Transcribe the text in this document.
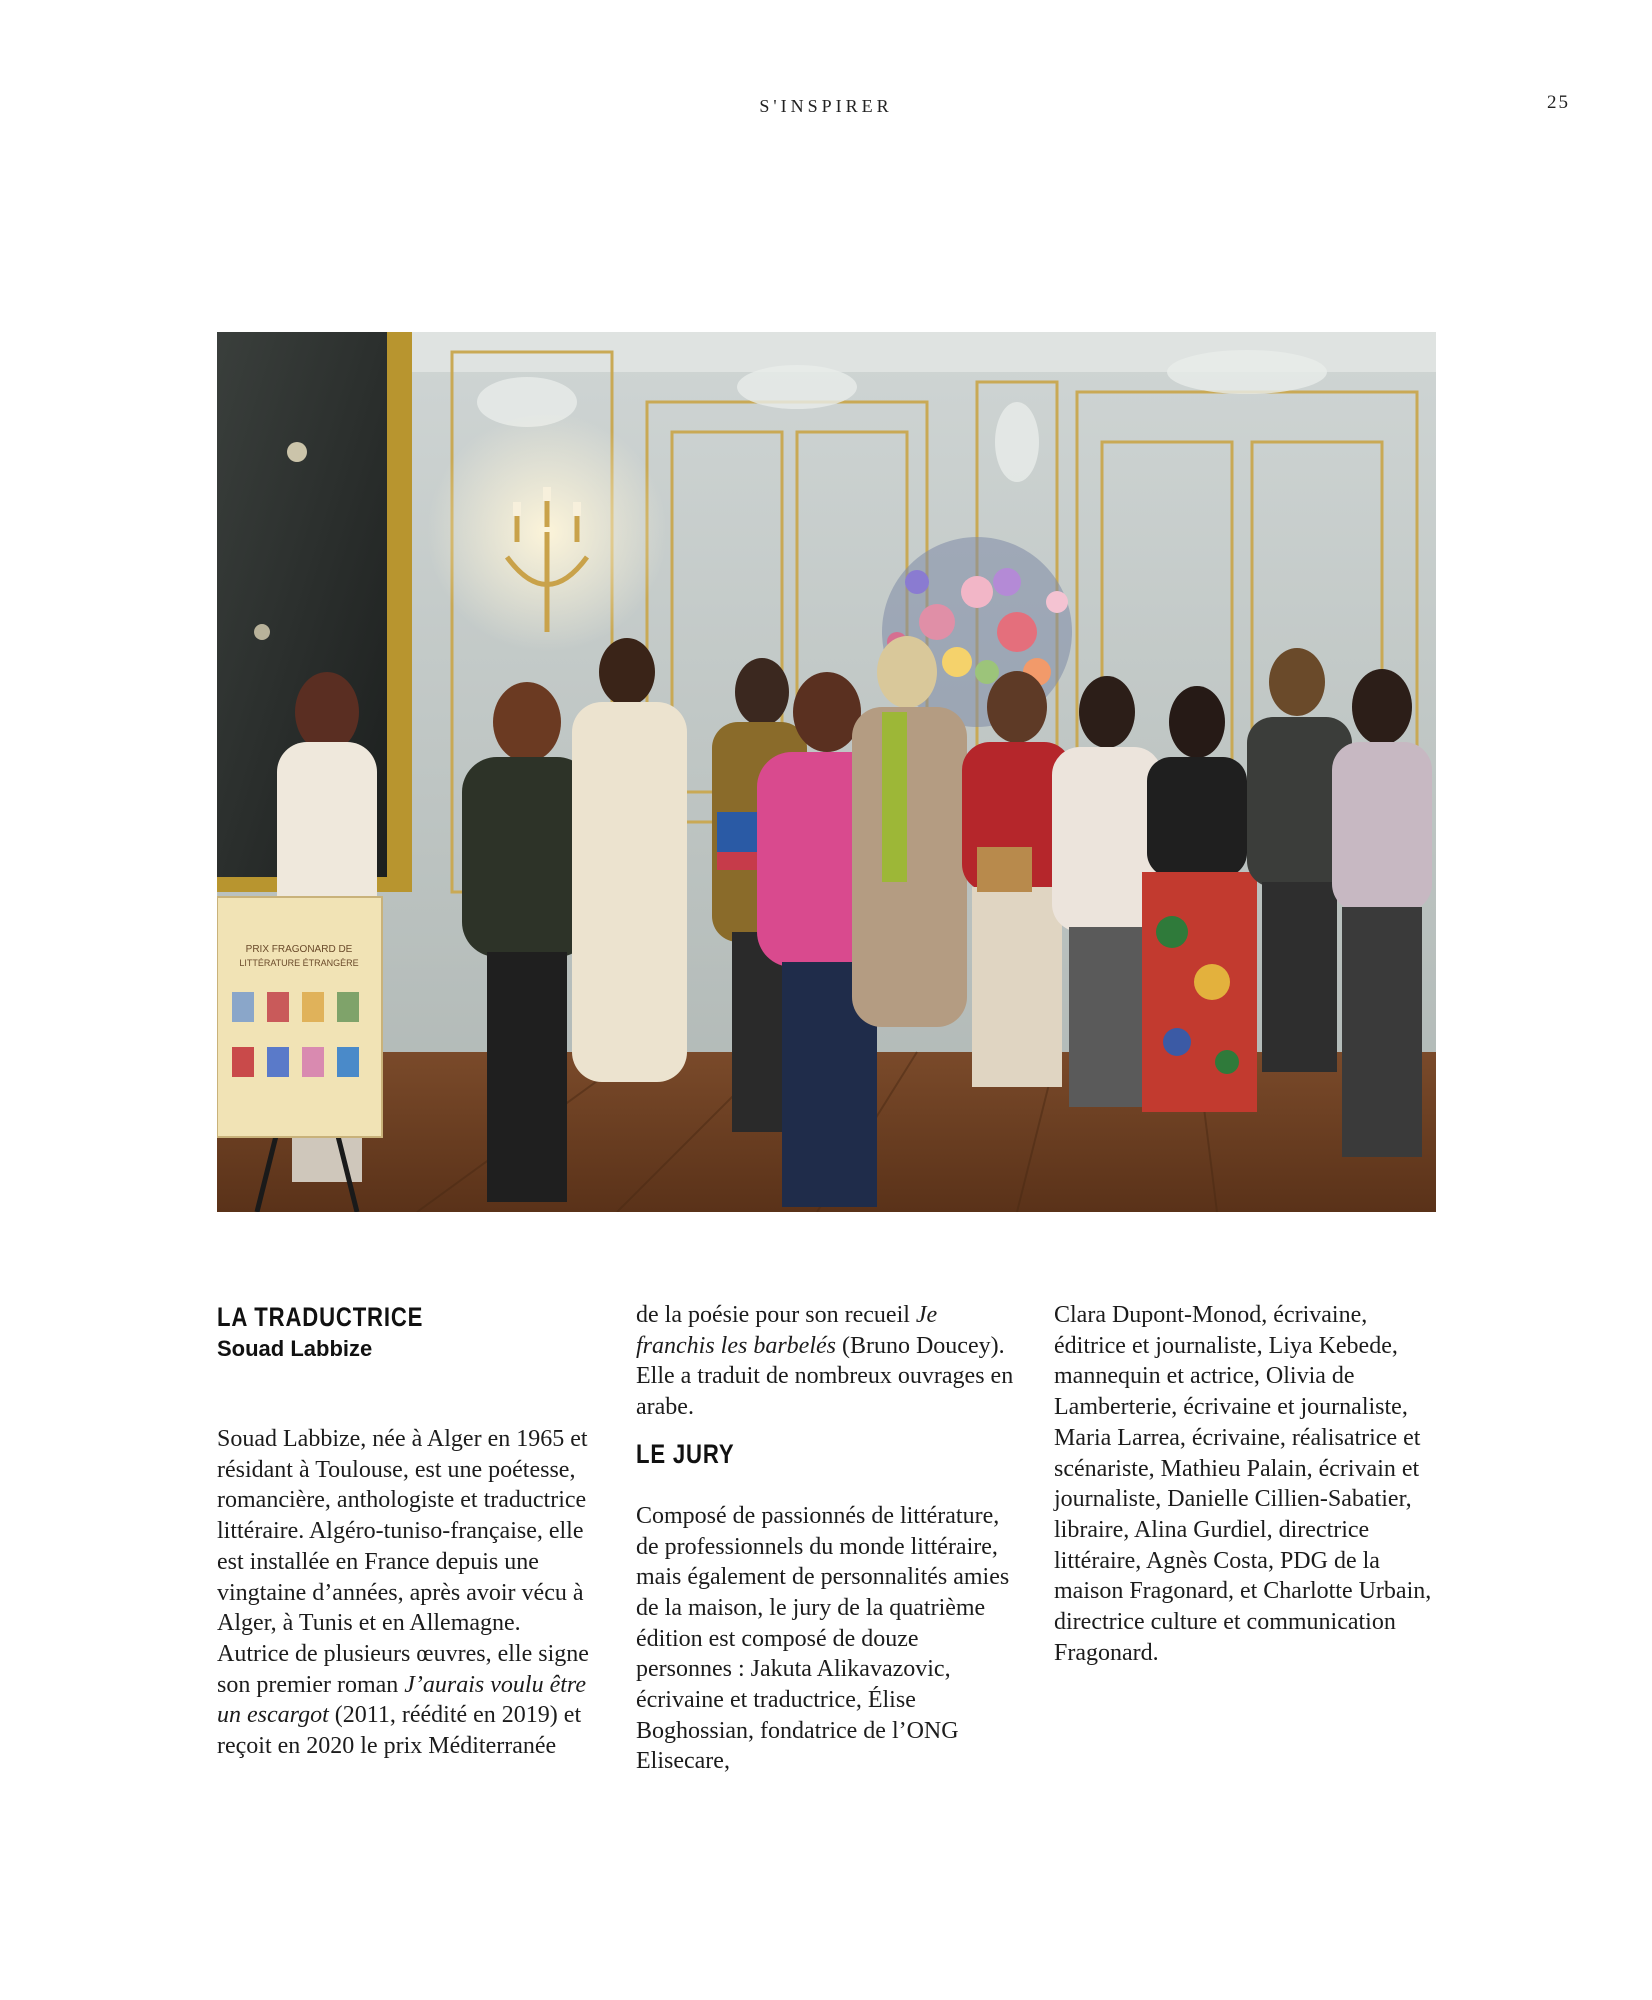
S'INSPIRER	25
PRIX FRAGONARD DE
LITTÉRATURE ÉTRANGÈRE
LA TRADUCTRICE
Souad Labbize

Souad Labbize, née à Alger en 1965 et résidant à Toulouse, est une poétesse, romancière, anthologiste et traductrice littéraire. Algéro-tuniso-française, elle est installée en France depuis une vingtaine d’années, après avoir vécu à Alger, à Tunis et en Allemagne.

Autrice de plusieurs œuvres, elle signe son premier roman J’aurais voulu être un escargot (2011, réédité en 2019) et reçoit en 2020 le prix Méditerranée

de la poésie pour son recueil Je franchis les barbelés (Bruno Doucey).

Elle a traduit de nombreux ouvrages en arabe.

LE JURY

Composé de passionnés de littérature, de professionnels du monde littéraire, mais également de personnalités amies de la maison, le jury de la quatrième édition est composé de douze personnes : Jakuta Alikavazovic, écrivaine et traductrice, Élise Boghossian, fondatrice de l’ONG Elisecare,

Clara Dupont-Monod, écrivaine, éditrice et journaliste, Liya Kebede, mannequin et actrice, Olivia de Lamberterie, écrivaine et journaliste, Maria Larrea, écrivaine, réalisatrice et scénariste, Mathieu Palain, écrivain et journaliste, Danielle Cillien-Sabatier, libraire, Alina Gurdiel, directrice littéraire, Agnès Costa, PDG de la maison Fragonard, et Charlotte Urbain, directrice culture et communication Fragonard.
